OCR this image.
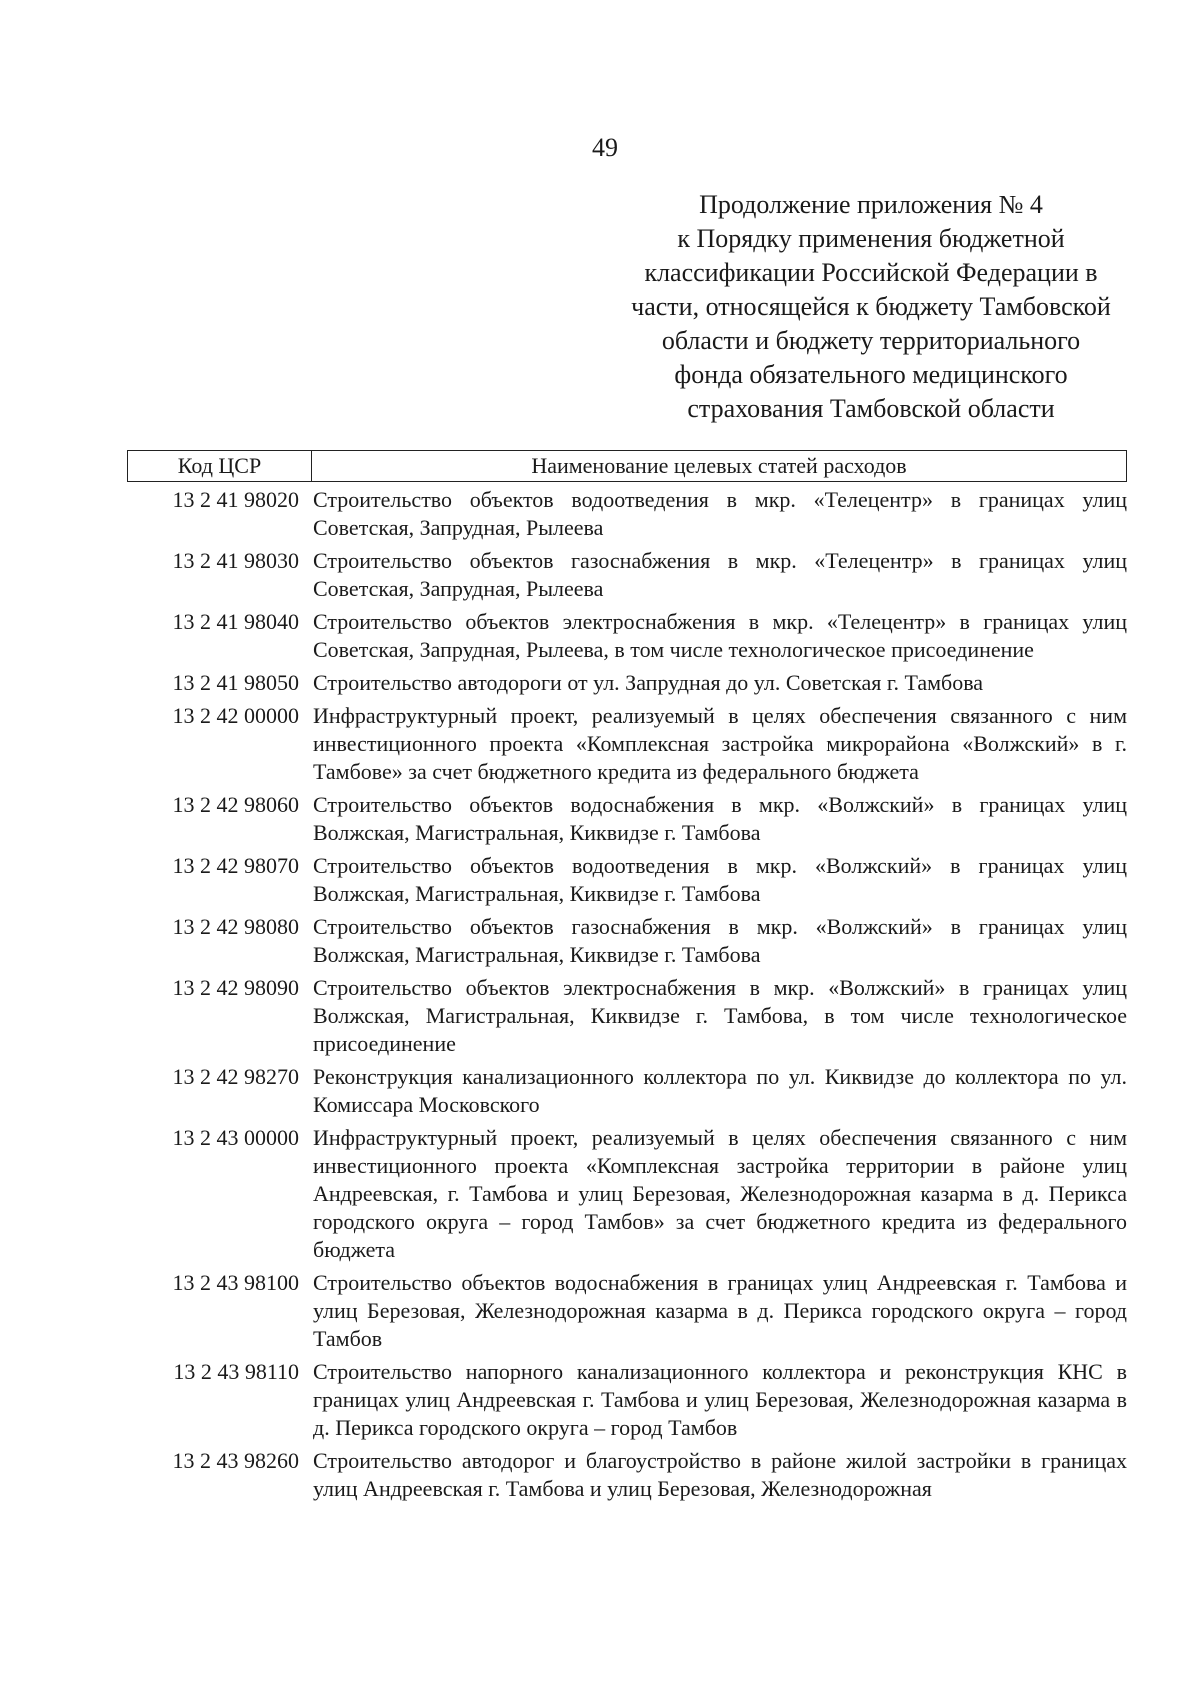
49
Продолжение приложения № 4
к Порядку применения бюджетной
классификации Российской Федерации в
части, относящейся к бюджету Тамбовской
области и бюджету территориального
фонда обязательного медицинского
страхования Тамбовской области
Код ЦСР	Наименование целевых статей расходов
13 2 41 98020 Строительство объектов водоотведения в мкр. «Телецентр» в границах улиц Советская, Запрудная, Рылеева
13 2 41 98030 Строительство объектов газоснабжения в мкр. «Телецентр» в границах улиц Советская, Запрудная, Рылеева
13 2 41 98040 Строительство объектов электроснабжения в мкр. «Телецентр» в границах улиц Советская, Запрудная, Рылеева, в том числе технологическое присоединение
13 2 41 98050 Строительство автодороги от ул. Запрудная до ул. Советская г. Тамбова
13 2 42 00000 Инфраструктурный проект, реализуемый в целях обеспечения связанного с ним инвестиционного проекта «Комплексная застройка микрорайона «Волжский» в г. Тамбове» за счет бюджетного кредита из федерального бюджета
13 2 42 98060 Строительство объектов водоснабжения в мкр. «Волжский» в границах улиц Волжская, Магистральная, Киквидзе г. Тамбова
13 2 42 98070 Строительство объектов водоотведения в мкр. «Волжский» в границах улиц Волжская, Магистральная, Киквидзе г. Тамбова
13 2 42 98080 Строительство объектов газоснабжения в мкр. «Волжский» в границах улиц Волжская, Магистральная, Киквидзе г. Тамбова
13 2 42 98090 Строительство объектов электроснабжения в мкр. «Волжский» в границах улиц Волжская, Магистральная, Киквидзе г. Тамбова, в том числе технологическое присоединение
13 2 42 98270 Реконструкция канализационного коллектора по ул. Киквидзе до коллектора по ул. Комиссара Московского
13 2 43 00000 Инфраструктурный проект, реализуемый в целях обеспечения связанного с ним инвестиционного проекта «Комплексная застройка территории в районе улиц Андреевская, г. Тамбова и улиц Березовая, Железнодорожная казарма в д. Перикса городского округа – город Тамбов» за счет бюджетного кредита из федерального бюджета
13 2 43 98100 Строительство объектов водоснабжения в границах улиц Андреевская г. Тамбова и улиц Березовая, Железнодорожная казарма в д. Перикса городского округа – город Тамбов
13 2 43 98110 Строительство напорного канализационного коллектора и реконструкция КНС в границах улиц Андреевская г. Тамбова и улиц Березовая, Железнодорожная казарма в д. Перикса городского округа – город Тамбов
13 2 43 98260 Строительство автодорог и благоустройство в районе жилой застройки в границах улиц Андреевская г. Тамбова и улиц Березовая, Железнодорожная
